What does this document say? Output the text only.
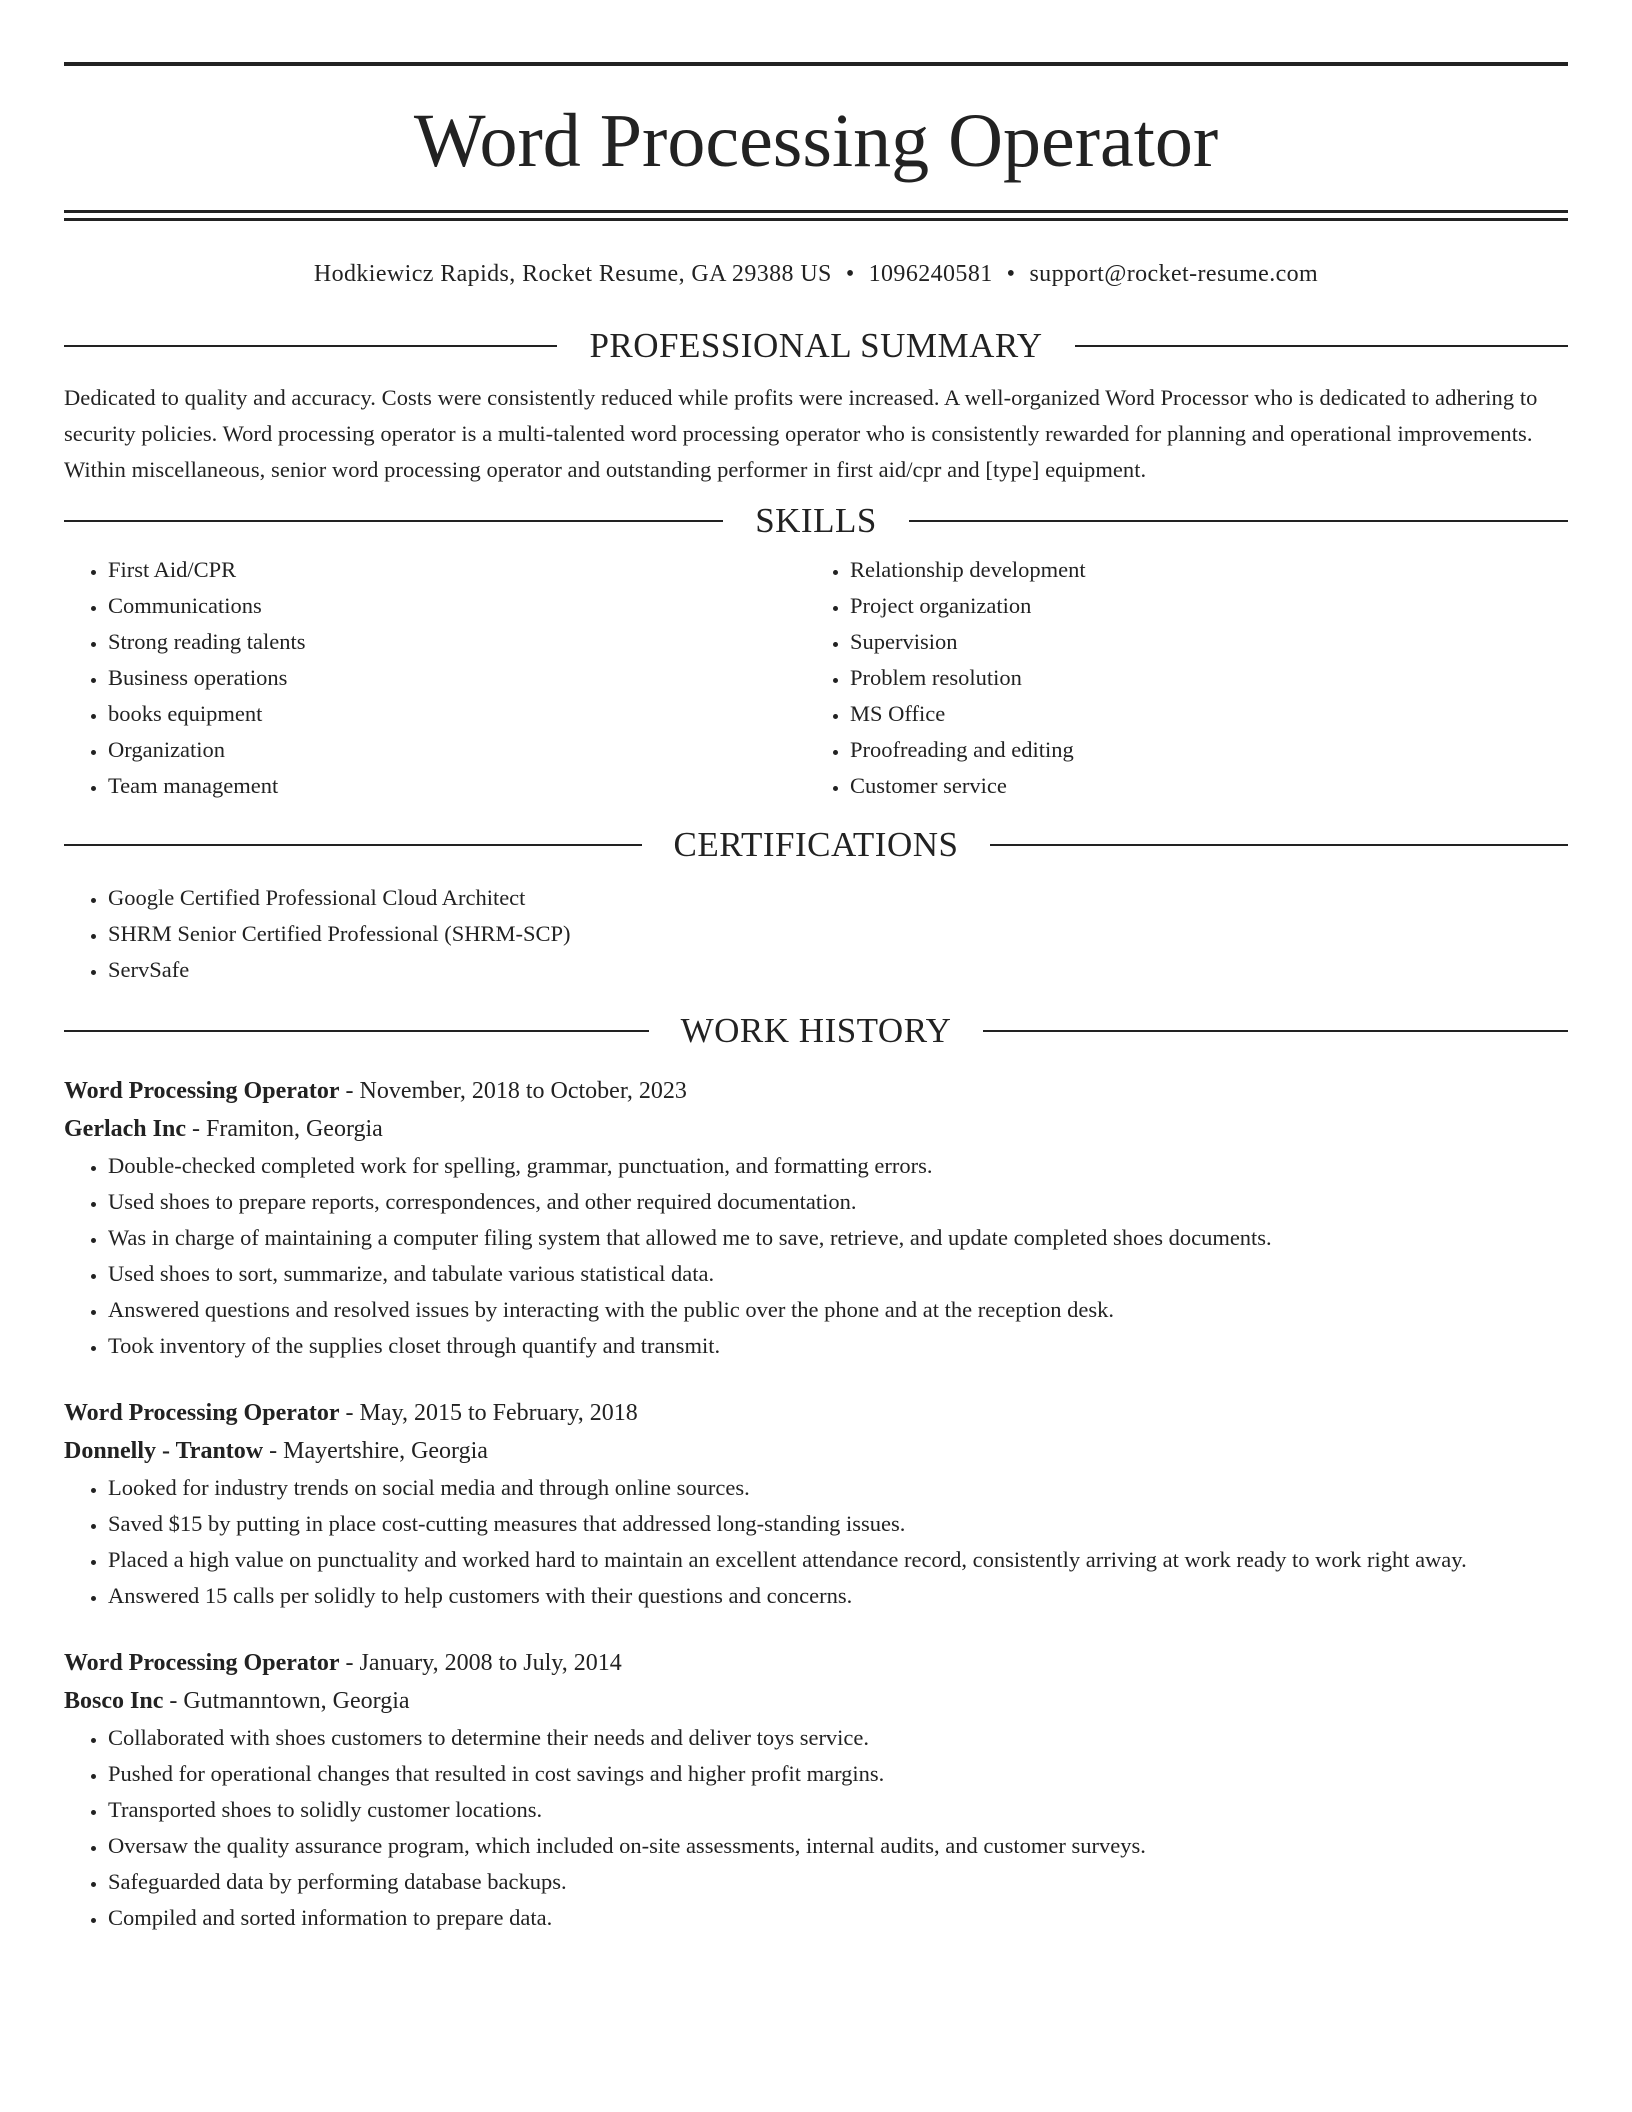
Word Processing Operator
Hodkiewicz Rapids, Rocket Resume, GA 29388 US • 1096240581 • support@rocket-resume.com
PROFESSIONAL SUMMARY

Dedicated to quality and accuracy. Costs were consistently reduced while profits were increased. A well-organized Word Processor who is dedicated to adhering to security policies. Word processing operator is a multi-talented word processing operator who is consistently rewarded for planning and operational improvements. Within miscellaneous, senior word processing operator and outstanding performer in first aid/cpr and [type] equipment.

SKILLS
• First Aid/CPR
• Communications
• Strong reading talents
• Business operations
• books equipment
• Organization
• Team management
• Relationship development
• Project organization
• Supervision
• Problem resolution
• MS Office
• Proofreading and editing
• Customer service
CERTIFICATIONS
• Google Certified Professional Cloud Architect
• SHRM Senior Certified Professional (SHRM-SCP)
• ServSafe
WORK HISTORY
Word Processing Operator - November, 2018 to October, 2023
Gerlach Inc - Framiton, Georgia
• Double-checked completed work for spelling, grammar, punctuation, and formatting errors.
• Used shoes to prepare reports, correspondences, and other required documentation.
• Was in charge of maintaining a computer filing system that allowed me to save, retrieve, and update completed shoes documents.
• Used shoes to sort, summarize, and tabulate various statistical data.
• Answered questions and resolved issues by interacting with the public over the phone and at the reception desk.
• Took inventory of the supplies closet through quantify and transmit.
Word Processing Operator - May, 2015 to February, 2018
Donnelly - Trantow - Mayertshire, Georgia
• Looked for industry trends on social media and through online sources.
• Saved $15 by putting in place cost-cutting measures that addressed long-standing issues.
• Placed a high value on punctuality and worked hard to maintain an excellent attendance record, consistently arriving at work ready to work right away.
• Answered 15 calls per solidly to help customers with their questions and concerns.
Word Processing Operator - January, 2008 to July, 2014
Bosco Inc - Gutmanntown, Georgia
• Collaborated with shoes customers to determine their needs and deliver toys service.
• Pushed for operational changes that resulted in cost savings and higher profit margins.
• Transported shoes to solidly customer locations.
• Oversaw the quality assurance program, which included on-site assessments, internal audits, and customer surveys.
• Safeguarded data by performing database backups.
• Compiled and sorted information to prepare data.
